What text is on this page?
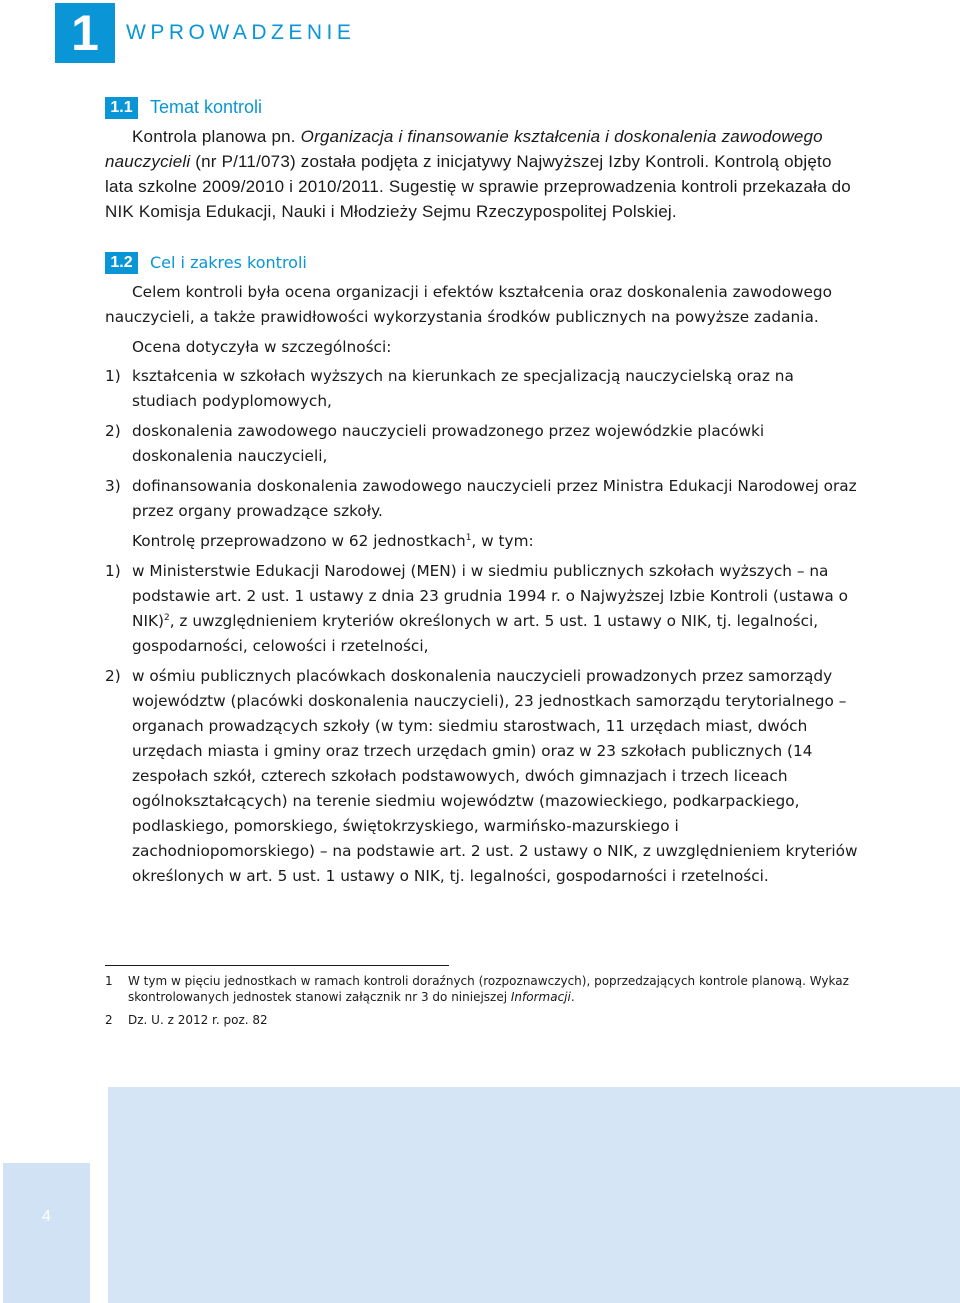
1	WPROWADZENIE
1.1 Temat kontroli

Kontrola planowa pn. Organizacja i finansowanie kształcenia i doskonalenia zawodowego nauczycieli (nr P/11/073) została podjęta z inicjatywy Najwyższej Izby Kontroli. Kontrolą objęto lata szkolne 2009/2010 i 2010/2011. Sugestię w sprawie przeprowadzenia kontroli przekazała do NIK Komisja Edukacji, Nauki i Młodzieży Sejmu Rzeczypospolitej Polskiej.

1.2	Cel i zakres kontroli

Celem kontroli była ocena organizacji i efektów kształcenia oraz doskonalenia zawodowego nauczycieli, a także prawidłowości wykorzystania środków publicznych na powyższe zadania.

Ocena dotyczyła w szczególności:

1) kształcenia w szkołach wyższych na kierunkach ze specjalizacją nauczycielską oraz na studiach podyplomowych,
2) doskonalenia zawodowego nauczycieli prowadzonego przez wojewódzkie placówki doskonalenia nauczycieli,
3) dofinansowania doskonalenia zawodowego nauczycieli przez Ministra Edukacji Narodowej oraz przez organy prowadzące szkoły.

Kontrolę przeprowadzono w 62 jednostkach$^1$, w tym:

1) w Ministerstwie Edukacji Narodowej (MEN) i w siedmiu publicznych szkołach wyższych – na podstawie art. 2 ust. 1 ustawy z dnia 23 grudnia 1994 r. o Najwyższej Izbie Kontroli (ustawa o NIK)$^2$, z uwzględnieniem kryteriów określonych w art. 5 ust. 1 ustawy o NIK, tj. legalności, gospodarności, celowości i rzetelności,
2) w ośmiu publicznych placówkach doskonalenia nauczycieli prowadzonych przez samorządy województw (placówki doskonalenia nauczycieli), 23 jednostkach samorządu terytorialnego – organach prowadzących szkoły (w tym: siedmiu starostwach, 11 urzędach miast, dwóch urzędach miasta i gminy oraz trzech urzędach gmin) oraz w 23 szkołach publicznych (14 zespołach szkół, czterech szkołach podstawowych, dwóch gimnazjach i trzech liceach ogólnokształcących) na terenie siedmiu województw (mazowieckiego, podkarpackiego, podlaskiego, pomorskiego, świętokrzyskiego, warmińsko-mazurskiego i zachodniopomorskiego) – na podstawie art. 2 ust. 2 ustawy o NIK, z uwzględnieniem kryteriów określonych w art. 5 ust. 1 ustawy o NIK, tj. legalności, gospodarności i rzetelności.
1 W tym w pięciu jednostkach w ramach kontroli doraźnych (rozpoznawczych), poprzedzających kontrole planową. Wykaz skontrolowanych jednostek stanowi załącznik nr 3 do niniejszej Informacji.
2 Dz. U. z 2012 r. poz. 82
4
